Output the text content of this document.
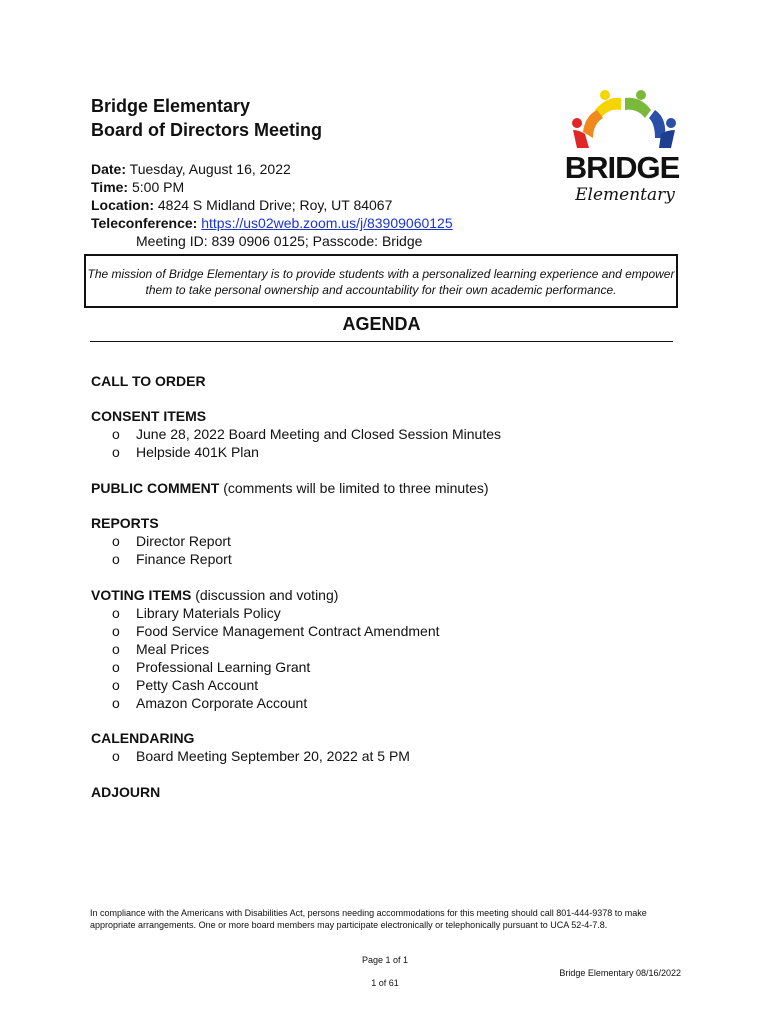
Bridge Elementary
Board of Directors Meeting
Date: Tuesday, August 16, 2022
Time: 5:00 PM
Location: 4824 S Midland Drive; Roy, UT 84067
Teleconference: https://us02web.zoom.us/j/83909060125
Meeting ID: 839 0906 0125; Passcode: Bridge
BRIDGE
Elementary
The mission of Bridge Elementary is to provide students with a personalized learning experience and empower them to take personal ownership and accountability for their own academic performance.
AGENDA
CALL TO ORDER
CONSENT ITEMS
o June 28, 2022 Board Meeting and Closed Session Minutes
o Helpside 401K Plan
PUBLIC COMMENT (comments will be limited to three minutes)
REPORTS
o Director Report
o Finance Report
VOTING ITEMS (discussion and voting)
o Library Materials Policy
o Food Service Management Contract Amendment
o Meal Prices
o Professional Learning Grant
o Petty Cash Account
o Amazon Corporate Account
CALENDARING
o Board Meeting September 20, 2022 at 5 PM
ADJOURN
In compliance with the Americans with Disabilities Act, persons needing accommodations for this meeting should call 801-444-9378 to make appropriate arrangements. One or more board members may participate electronically or telephonically pursuant to UCA 52-4-7.8.
Page 1 of 1
Bridge Elementary 08/16/2022
1 of 61
